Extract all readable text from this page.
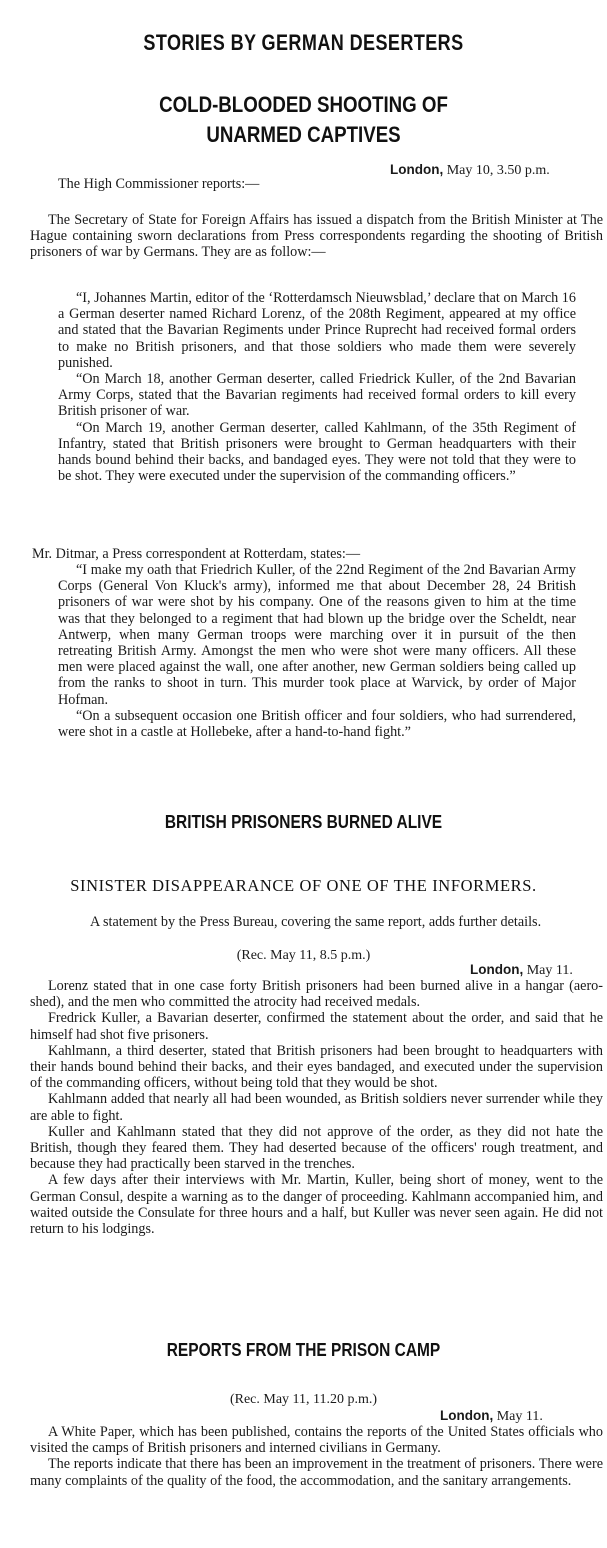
STORIES BY GERMAN DESERTERS
COLD-BLOODED SHOOTING OF UNARMED CAPTIVES
London, May 10, 3.50 p.m.

The High Commissioner reports:—

The Secretary of State for Foreign Affairs has issued a dispatch from the British Minister at The Hague containing sworn declarations from Press correspondents regarding the shooting of British prisoners of war by Germans. They are as follow:—

“I, Johannes Martin, editor of the ‘Rotterdamsch Nieuwsblad,’ declare that on March 16 a German deserter named Richard Lorenz, of the 208th Regiment, appeared at my office and stated that the Bavarian Regiments under Prince Ruprecht had received formal orders to make no British prisoners, and that those soldiers who made them were severely punished.

“On March 18, another German deserter, called Friedrick Kuller, of the 2nd Bavarian Army Corps, stated that the Bavarian regiments had received formal orders to kill every British prisoner of war.

“On March 19, another German deserter, called Kahlmann, of the 35th Regiment of Infantry, stated that British prisoners were brought to German headquarters with their hands bound behind their backs, and bandaged eyes. They were not told that they were to be shot. They were executed under the supervision of the commanding officers.”

Mr. Ditmar, a Press correspondent at Rotterdam, states:—

“I make my oath that Friedrich Kuller, of the 22nd Regiment of the 2nd Bavarian Army Corps (General Von Kluck's army), informed me that about December 28, 24 British prisoners of war were shot by his company. One of the reasons given to him at the time was that they belonged to a regiment that had blown up the bridge over the Scheldt, near Antwerp, when many German troops were marching over it in pursuit of the then retreating British Army. Amongst the men who were shot were many officers. All these men were placed against the wall, one after another, new German soldiers being called up from the ranks to shoot in turn. This murder took place at Warvick, by order of Major Hofman.

“On a subsequent occasion one British officer and four soldiers, who had surrendered, were shot in a castle at Hollebeke, after a hand-to-hand fight.”

BRITISH PRISONERS BURNED ALIVE
SINISTER DISAPPEARANCE OF ONE OF THE INFORMERS.

A statement by the Press Bureau, covering the same report, adds further details.

(Rec. May 11, 8.5 p.m.)
London, May 11.

Lorenz stated that in one case forty British prisoners had been burned alive in a hangar (aero-shed), and the men who committed the atrocity had received medals.

Fredrick Kuller, a Bavarian deserter, confirmed the statement about the order, and said that he himself had shot five prisoners.

Kahlmann, a third deserter, stated that British prisoners had been brought to headquarters with their hands bound behind their backs, and their eyes bandaged, and executed under the supervision of the commanding officers, without being told that they would be shot.

Kahlmann added that nearly all had been wounded, as British soldiers never surrender while they are able to fight.

Kuller and Kahlmann stated that they did not approve of the order, as they did not hate the British, though they feared them. They had deserted because of the officers' rough treatment, and because they had practically been starved in the trenches.

A few days after their interviews with Mr. Martin, Kuller, being short of money, went to the German Consul, despite a warning as to the danger of proceeding. Kahlmann accompanied him, and waited outside the Consulate for three hours and a half, but Kuller was never seen again. He did not return to his lodgings.

REPORTS FROM THE PRISON CAMP
(Rec. May 11, 11.20 p.m.)
London, May 11.

A White Paper, which has been published, contains the reports of the United States officials who visited the camps of British prisoners and interned civilians in Germany.

The reports indicate that there has been an improvement in the treatment of prisoners. There were many complaints of the quality of the food, the accommodation, and the sanitary arrangements.
